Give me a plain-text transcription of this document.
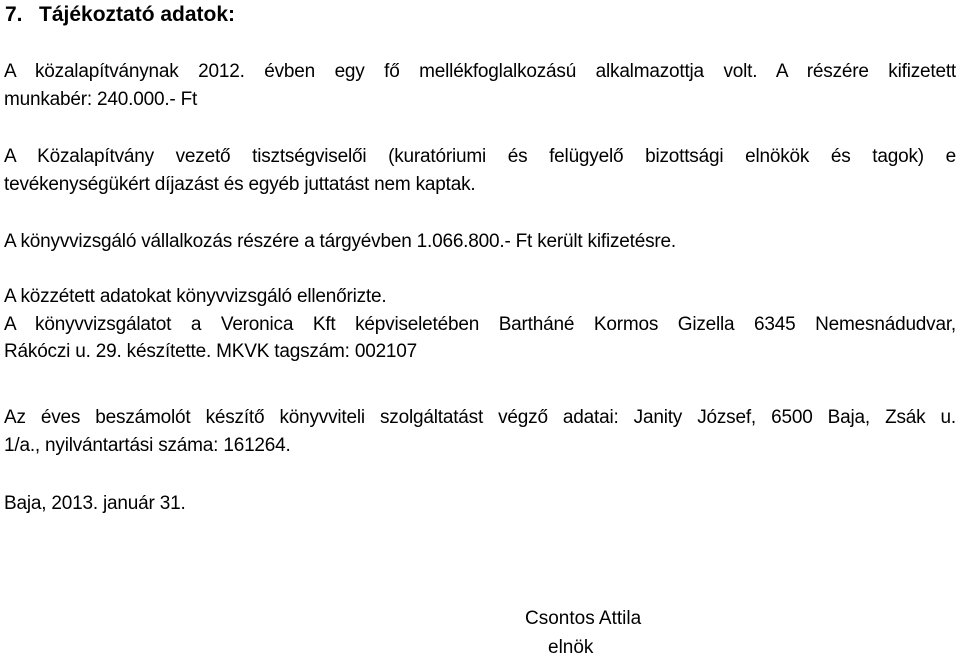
7. Tájékoztató adatok:
A közalapítványnak 2012. évben egy fő mellékfoglalkozású alkalmazottja volt. A részére kifizetett
munkabér: 240.000.- Ft
A Közalapítvány vezető tisztségviselői (kuratóriumi és felügyelő bizottsági elnökök és tagok) e
tevékenységükért díjazást és egyéb juttatást nem kaptak.
A könyvvizsgáló vállalkozás részére a tárgyévben 1.066.800.- Ft került kifizetésre.
A közzétett adatokat könyvvizsgáló ellenőrizte.
A könyvvizsgálatot a Veronica Kft képviseletében Bartháné Kormos Gizella 6345 Nemesnádudvar,
Rákóczi u. 29. készítette. MKVK tagszám: 002107
Az éves beszámolót készítő könyvviteli szolgáltatást végző adatai: Janity József, 6500 Baja, Zsák u.
1/a., nyilvántartási száma: 161264.
Baja, 2013. január 31.
Csontos Attila
elnök
